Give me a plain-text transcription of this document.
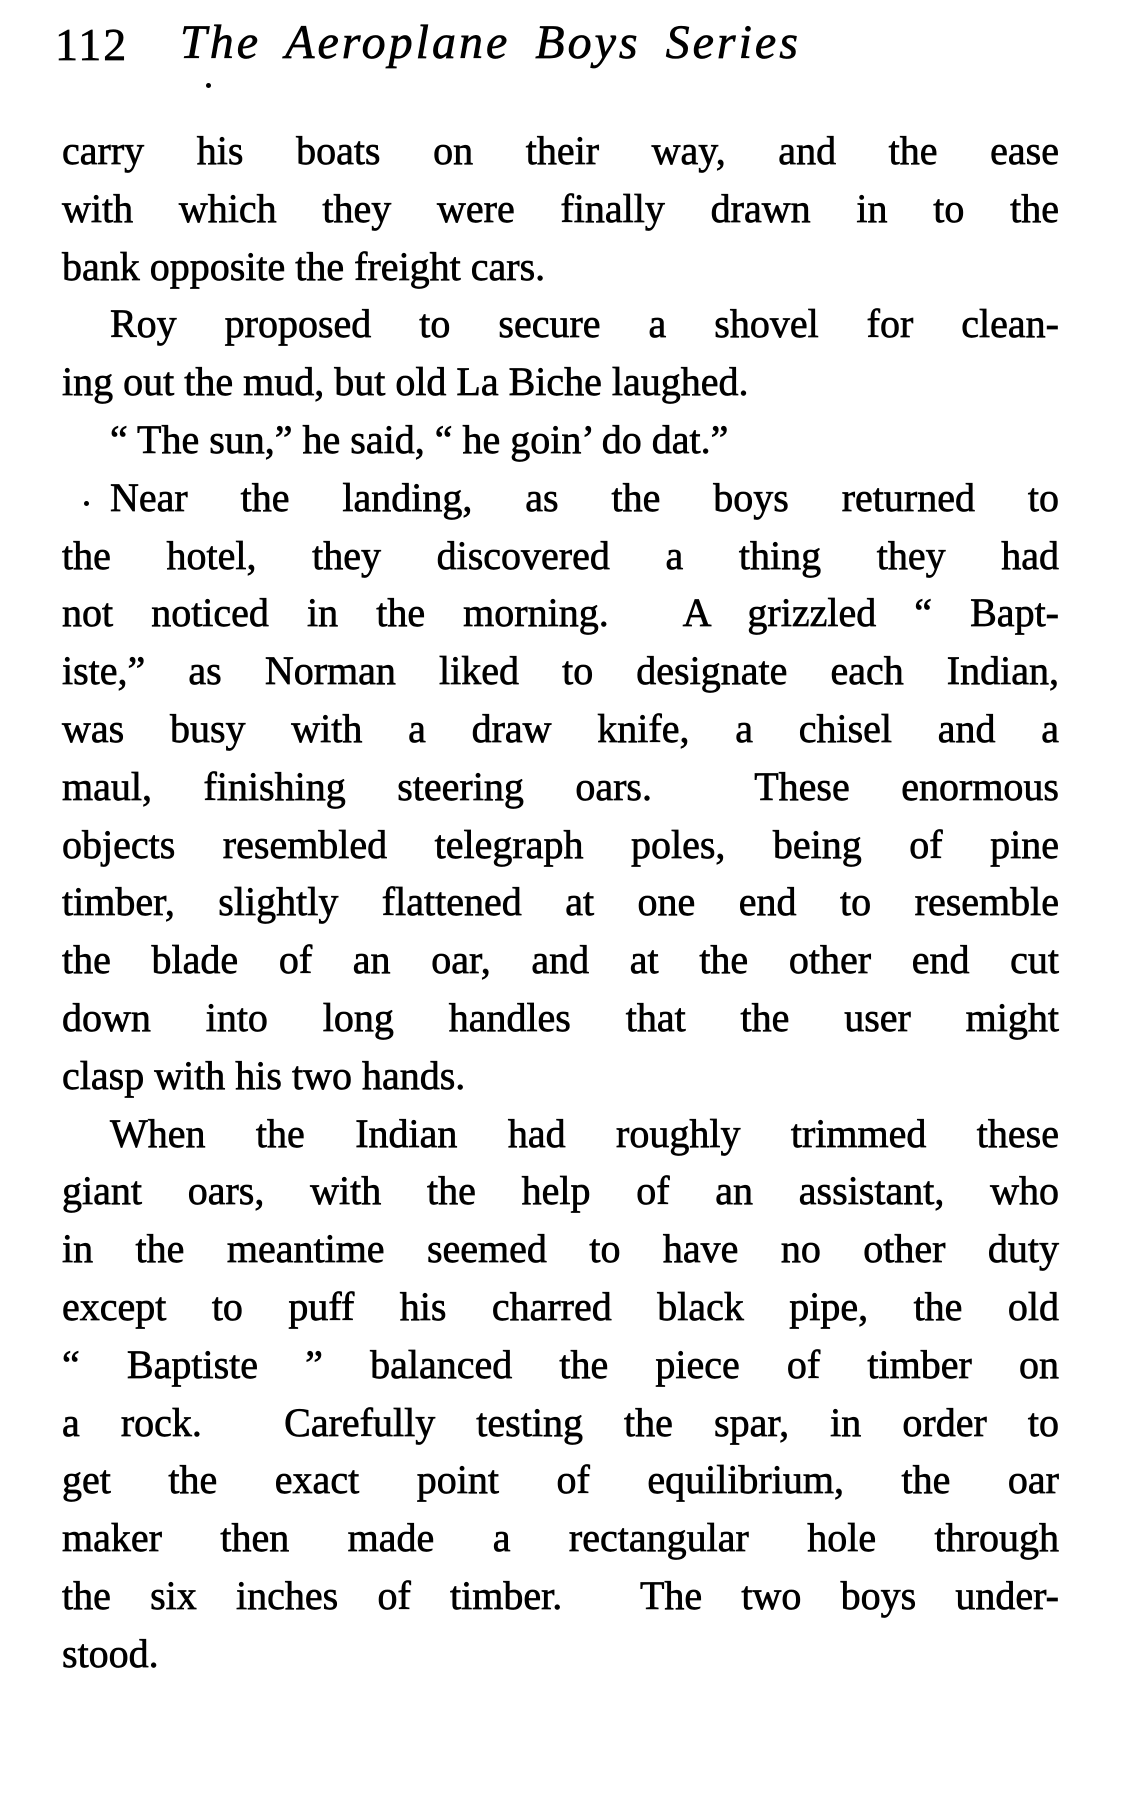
112 The Aeroplane Boys Series
carry his boats on their way, and the ease
with which they were finally drawn in to the
bank opposite the freight cars.
Roy proposed to secure a shovel for clean-
ing out the mud, but old La Biche laughed.
“ The sun,” he said, “ he goin’ do dat.”
Near the landing, as the boys returned to
the hotel, they discovered a thing they had
not noticed in the morning.  A grizzled “ Bapt-
iste,” as Norman liked to designate each Indian,
was busy with a draw knife, a chisel and a
maul, finishing steering oars.  These enormous
objects resembled telegraph poles, being of pine
timber, slightly flattened at one end to resemble
the blade of an oar, and at the other end cut
down into long handles that the user might
clasp with his two hands.
When the Indian had roughly trimmed these
giant oars, with the help of an assistant, who
in the meantime seemed to have no other duty
except to puff his charred black pipe, the old
“ Baptiste ” balanced the piece of timber on
a rock.  Carefully testing the spar, in order to
get the exact point of equilibrium, the oar
maker then made a rectangular hole through
the six inches of timber.  The two boys under-
stood.
